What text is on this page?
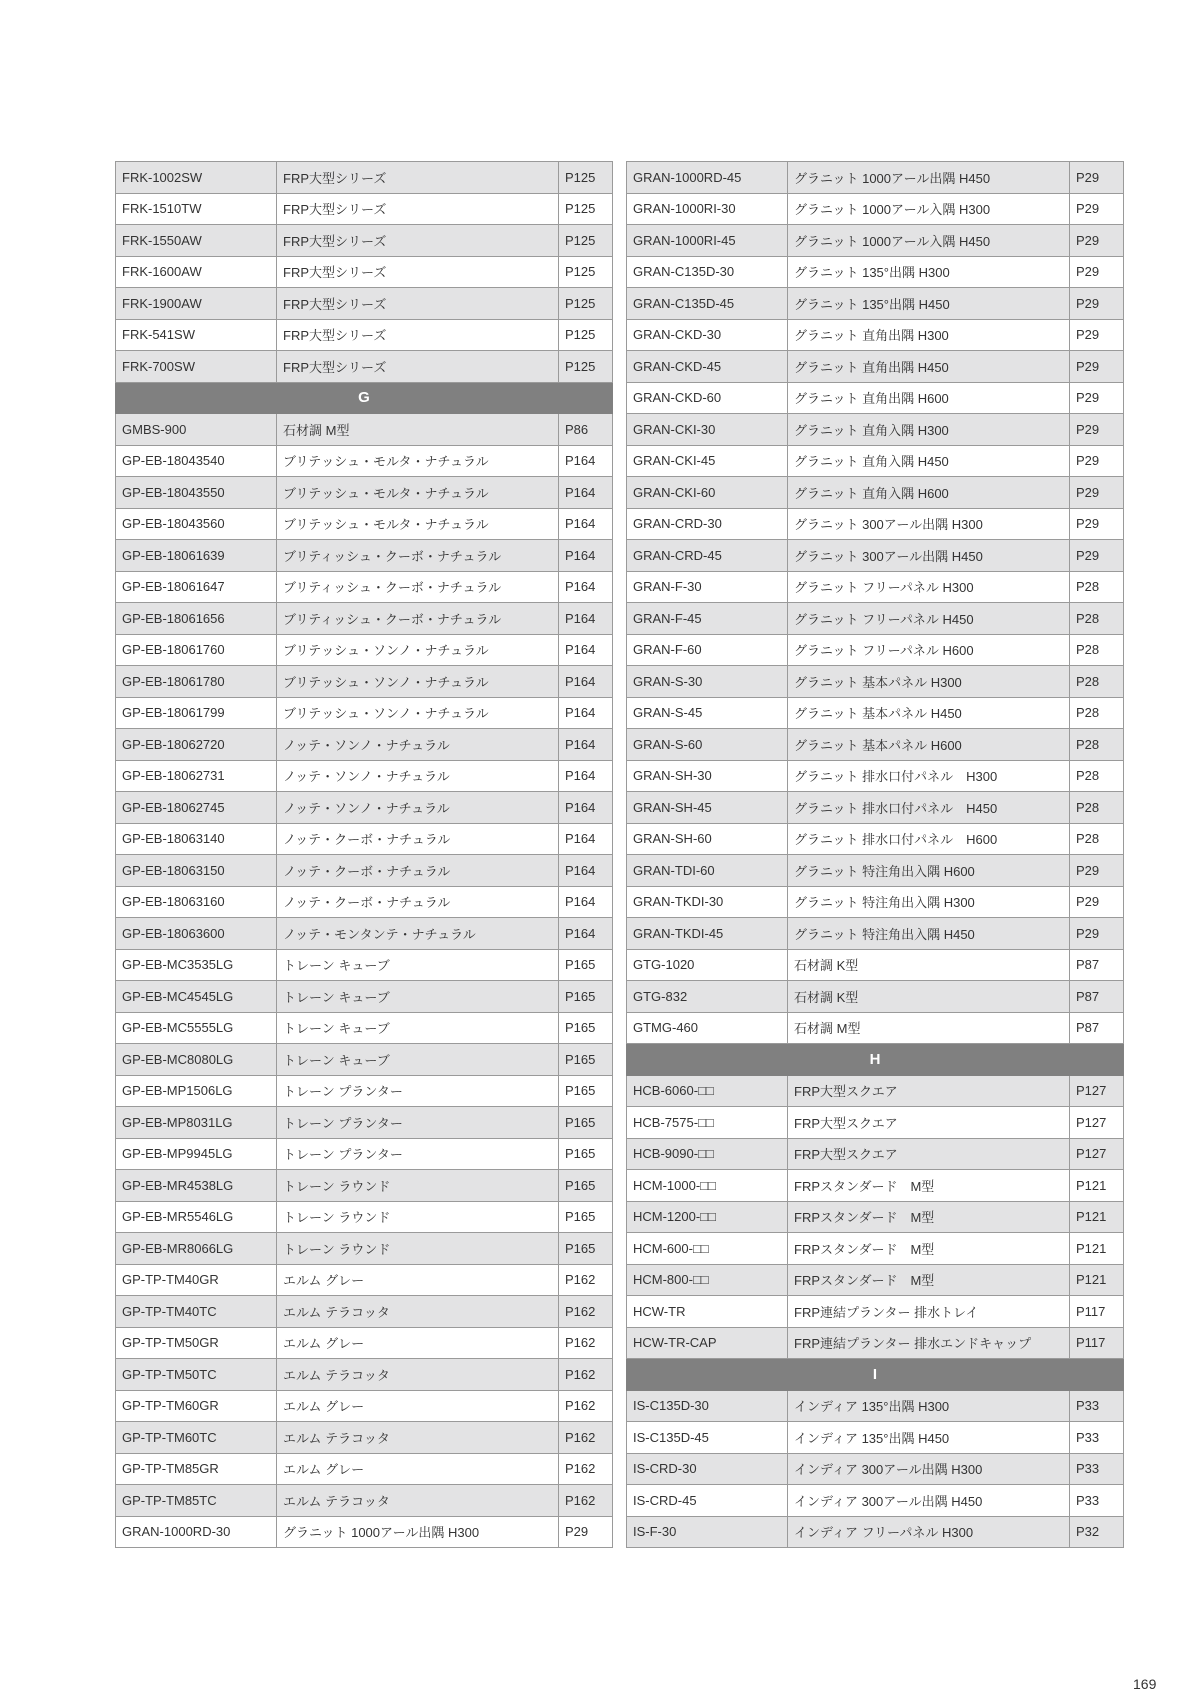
FRK-1002SW	FRP大型シリーズ	P125
FRK-1510TW	FRP大型シリーズ	P125
FRK-1550AW	FRP大型シリーズ	P125
FRK-1600AW	FRP大型シリーズ	P125
FRK-1900AW	FRP大型シリーズ	P125
FRK-541SW	FRP大型シリーズ	P125
FRK-700SW	FRP大型シリーズ	P125
G		
GMBS-900	石材調 M型	P86
GP-EB-18043540	ブリテッシュ・モルタ・ナチュラル	P164
GP-EB-18043550	ブリテッシュ・モルタ・ナチュラル	P164
GP-EB-18043560	ブリテッシュ・モルタ・ナチュラル	P164
GP-EB-18061639	ブリティッシュ・クーボ・ナチュラル	P164
GP-EB-18061647	ブリティッシュ・クーボ・ナチュラル	P164
GP-EB-18061656	ブリティッシュ・クーボ・ナチュラル	P164
GP-EB-18061760	ブリテッシュ・ソンノ・ナチュラル	P164
GP-EB-18061780	ブリテッシュ・ソンノ・ナチュラル	P164
GP-EB-18061799	ブリテッシュ・ソンノ・ナチュラル	P164
GP-EB-18062720	ノッテ・ソンノ・ナチュラル	P164
GP-EB-18062731	ノッテ・ソンノ・ナチュラル	P164
GP-EB-18062745	ノッテ・ソンノ・ナチュラル	P164
GP-EB-18063140	ノッテ・クーボ・ナチュラル	P164
GP-EB-18063150	ノッテ・クーボ・ナチュラル	P164
GP-EB-18063160	ノッテ・クーボ・ナチュラル	P164
GP-EB-18063600	ノッテ・モンタンテ・ナチュラル	P164
GP-EB-MC3535LG	トレーン キューブ	P165
GP-EB-MC4545LG	トレーン キューブ	P165
GP-EB-MC5555LG	トレーン キューブ	P165
GP-EB-MC8080LG	トレーン キューブ	P165
GP-EB-MP1506LG	トレーン プランター	P165
GP-EB-MP8031LG	トレーン プランター	P165
GP-EB-MP9945LG	トレーン プランター	P165
GP-EB-MR4538LG	トレーン ラウンド	P165
GP-EB-MR5546LG	トレーン ラウンド	P165
GP-EB-MR8066LG	トレーン ラウンド	P165
GP-TP-TM40GR	エルム グレー	P162
GP-TP-TM40TC	エルム テラコッタ	P162
GP-TP-TM50GR	エルム グレー	P162
GP-TP-TM50TC	エルム テラコッタ	P162
GP-TP-TM60GR	エルム グレー	P162
GP-TP-TM60TC	エルム テラコッタ	P162
GP-TP-TM85GR	エルム グレー	P162
GP-TP-TM85TC	エルム テラコッタ	P162
GRAN-1000RD-30	グラニット 1000アール出隅 H300	P29
GRAN-1000RD-45	グラニット 1000アール出隅 H450	P29
GRAN-1000RI-30	グラニット 1000アール入隅 H300	P29
GRAN-1000RI-45	グラニット 1000アール入隅 H450	P29
GRAN-C135D-30	グラニット 135°出隅 H300	P29
GRAN-C135D-45	グラニット 135°出隅 H450	P29
GRAN-CKD-30	グラニット 直角出隅 H300	P29
GRAN-CKD-45	グラニット 直角出隅 H450	P29
GRAN-CKD-60	グラニット 直角出隅 H600	P29
GRAN-CKI-30	グラニット 直角入隅 H300	P29
GRAN-CKI-45	グラニット 直角入隅 H450	P29
GRAN-CKI-60	グラニット 直角入隅 H600	P29
GRAN-CRD-30	グラニット 300アール出隅 H300	P29
GRAN-CRD-45	グラニット 300アール出隅 H450	P29
GRAN-F-30	グラニット フリーパネル H300	P28
GRAN-F-45	グラニット フリーパネル H450	P28
GRAN-F-60	グラニット フリーパネル H600	P28
GRAN-S-30	グラニット 基本パネル H300	P28
GRAN-S-45	グラニット 基本パネル H450	P28
GRAN-S-60	グラニット 基本パネル H600	P28
GRAN-SH-30	グラニット 排水口付パネル　H300	P28
GRAN-SH-45	グラニット 排水口付パネル　H450	P28
GRAN-SH-60	グラニット 排水口付パネル　H600	P28
GRAN-TDI-60	グラニット 特注角出入隅 H600	P29
GRAN-TKDI-30	グラニット 特注角出入隅 H300	P29
GRAN-TKDI-45	グラニット 特注角出入隅 H450	P29
GTG-1020	石材調 K型	P87
GTG-832	石材調 K型	P87
GTMG-460	石材調 M型	P87
H		
HCB-6060-□□	FRP大型スクエア	P127
HCB-7575-□□	FRP大型スクエア	P127
HCB-9090-□□	FRP大型スクエア	P127
HCM-1000-□□	FRPスタンダード　M型	P121
HCM-1200-□□	FRPスタンダード　M型	P121
HCM-600-□□	FRPスタンダード　M型	P121
HCM-800-□□	FRPスタンダード　M型	P121
HCW-TR	FRP連結プランター 排水トレイ	P117
HCW-TR-CAP	FRP連結プランター 排水エンドキャップ	P117
I		
IS-C135D-30	インディア 135°出隅 H300	P33
IS-C135D-45	インディア 135°出隅 H450	P33
IS-CRD-30	インディア 300アール出隅 H300	P33
IS-CRD-45	インディア 300アール出隅 H450	P33
IS-F-30	インディア フリーパネル H300	P32
169
